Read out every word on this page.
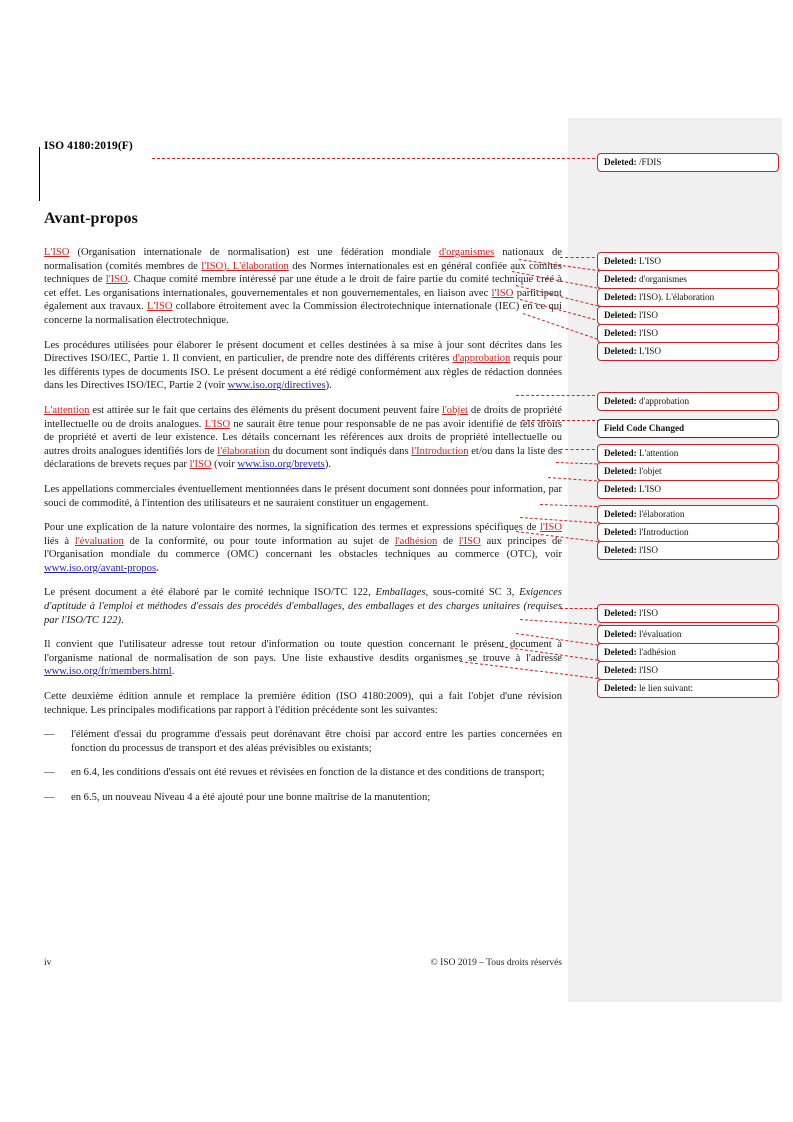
ISO 4180:2019(F)
Avant-propos

L'ISO (Organisation internationale de normalisation) est une fédération mondiale d'organismes nationaux de normalisation (comités membres de l'ISO). L'élaboration des Normes internationales est en général confiée aux comités techniques de l'ISO. Chaque comité membre intéressé par une étude a le droit de faire partie du comité technique créé à cet effet. Les organisations internationales, gouvernementales et non gouvernementales, en liaison avec l'ISO participent également aux travaux. L'ISO collabore étroitement avec la Commission électrotechnique internationale (IEC) en ce qui concerne la normalisation électrotechnique.

Les procédures utilisées pour élaborer le présent document et celles destinées à sa mise à jour sont décrites dans les Directives ISO/IEC, Partie 1. Il convient, en particulier, de prendre note des différents critères d'approbation requis pour les différents types de documents ISO. Le présent document a été rédigé conformément aux règles de rédaction données dans les Directives ISO/IEC, Partie 2 (voir www.iso.org/directives).

L'attention est attirée sur le fait que certains des éléments du présent document peuvent faire l'objet de droits de propriété intellectuelle ou de droits analogues. L'ISO ne saurait être tenue pour responsable de ne pas avoir identifié de tels droits de propriété et averti de leur existence. Les détails concernant les références aux droits de propriété intellectuelle ou autres droits analogues identifiés lors de l'élaboration du document sont indiqués dans l'Introduction et/ou dans la liste des déclarations de brevets reçues par l'ISO (voir www.iso.org/brevets).

Les appellations commerciales éventuellement mentionnées dans le présent document sont données pour information, par souci de commodité, à l'intention des utilisateurs et ne sauraient constituer un engagement.

Pour une explication de la nature volontaire des normes, la signification des termes et expressions spécifiques de l'ISO liés à l'évaluation de la conformité, ou pour toute information au sujet de l'adhésion de l'ISO aux principes de l'Organisation mondiale du commerce (OMC) concernant les obstacles techniques au commerce (OTC), voir www.iso.org/avant-propos.

Le présent document a été élaboré par le comité technique ISO/TC 122, Emballages, sous-comité SC 3, Exigences d'aptitude à l'emploi et méthodes d'essais des procédés d'emballages, des emballages et des charges unitaires (requises par l'ISO/TC 122).

Il convient que l'utilisateur adresse tout retour d'information ou toute question concernant le présent document à l'organisme national de normalisation de son pays. Une liste exhaustive desdits organismes se trouve à l'adresse www.iso.org/fr/members.html.

Cette deuxième édition annule et remplace la première édition (ISO 4180:2009), qui a fait l'objet d'une révision technique. Les principales modifications par rapport à l'édition précédente sont les suivantes:

— l'élément d'essai du programme d'essais peut dorénavant être choisi par accord entre les parties concernées en fonction du processus de transport et des aléas prévisibles ou existants;
— en 6.4, les conditions d'essais ont été revues et révisées en fonction de la distance et des conditions de transport;
— en 6.5, un nouveau Niveau 4 a été ajouté pour une bonne maîtrise de la manutention;
iv	© ISO 2019 – Tous droits réservés
Deleted: /FDIS
Deleted: L'ISO
Deleted: d'organismes
Deleted: l'ISO). L'élaboration
Deleted: l'ISO
Deleted: l'ISO
Deleted: L'ISO
Deleted: d'approbation
Field Code Changed
Deleted: L'attention
Deleted: l'objet
Deleted: L'ISO
Deleted: l'élaboration
Deleted: l'Introduction
Deleted: l'ISO
Deleted: l'ISO
Deleted: l'évaluation
Deleted: l'adhésion
Deleted: l'ISO
Deleted: le lien suivant:
